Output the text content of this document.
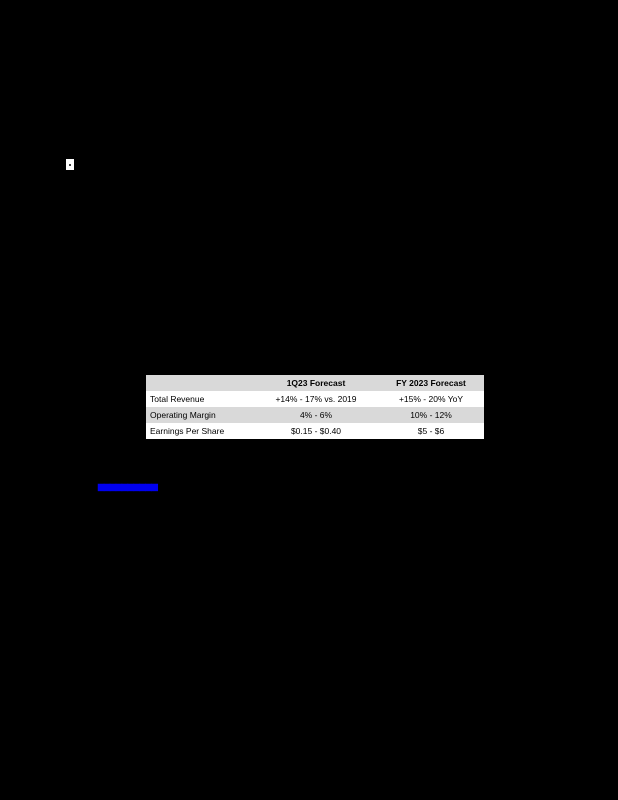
	1Q23 Forecast	FY 2023 Forecast
Total Revenue	+14% - 17% vs. 2019	+15% - 20% YoY
Operating Margin	4% - 6%	10% - 12%
Earnings Per Share	$0.15 - $0.40	$5 - $6
▆▆▆▆▆▆▆▆▆▆
